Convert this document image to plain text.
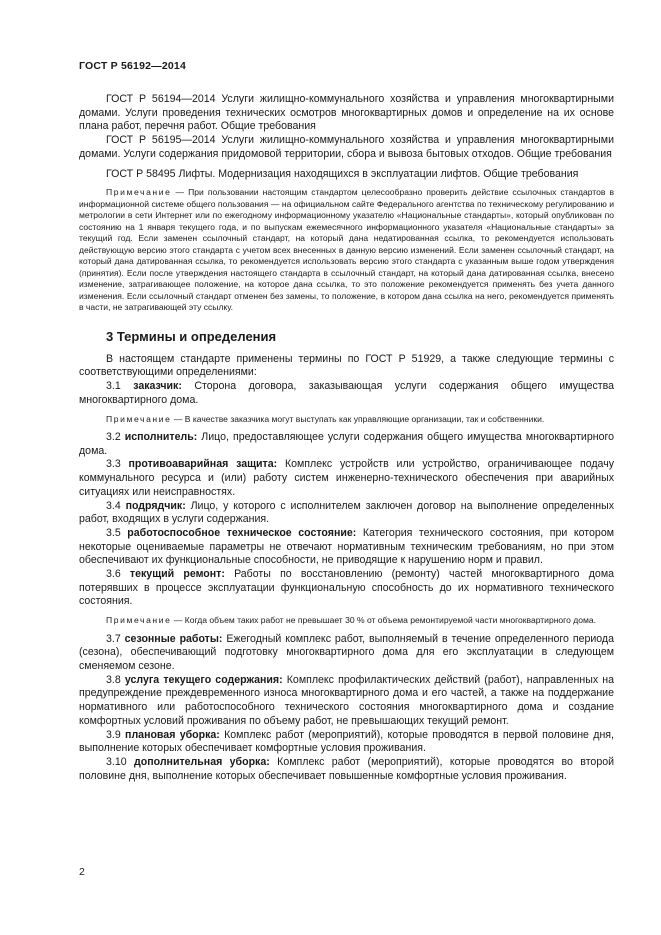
ГОСТ Р 56192—2014

ГОСТ Р 56194—2014 Услуги жилищно-коммунального хозяйства и управления многоквартирными домами. Услуги проведения технических осмотров многоквартирных домов и определение на их основе плана работ, перечня работ. Общие требования

ГОСТ Р 56195—2014 Услуги жилищно-коммунального хозяйства и управления многоквартирными домами. Услуги содержания придомовой территории, сбора и вывоза бытовых отходов. Общие требования

ГОСТ Р 58495 Лифты. Модернизация находящихся в эксплуатации лифтов. Общие требования

Примечание — При пользовании настоящим стандартом целесообразно проверить действие ссылочных стандартов в информационной системе общего пользования — на официальном сайте Федерального агентства по техническому регулированию и метрологии в сети Интернет или по ежегодному информационному указателю «Национальные стандарты», который опубликован по состоянию на 1 января текущего года, и по выпускам ежемесячного информационного указателя «Национальные стандарты» за текущий год. Если заменен ссылочный стандарт, на который дана недатированная ссылка, то рекомендуется использовать действующую версию этого стандарта с учетом всех внесенных в данную версию изменений. Если заменен ссылочный стандарт, на который дана датированная ссылка, то рекомендуется использовать версию этого стандарта с указанным выше годом утверждения (принятия). Если после утверждения настоящего стандарта в ссылочный стандарт, на который дана датированная ссылка, внесено изменение, затрагивающее положение, на которое дана ссылка, то это положение рекомендуется применять без учета данного изменения. Если ссылочный стандарт отменен без замены, то положение, в котором дана ссылка на него, рекомендуется применять в части, не затрагивающей эту ссылку.

3 Термины и определения

В настоящем стандарте применены термины по ГОСТ Р 51929, а также следующие термины с соответствующими определениями:

3.1 заказчик: Сторона договора, заказывающая услуги содержания общего имущества многоквартирного дома.

Примечание — В качестве заказчика могут выступать как управляющие организации, так и собственники.

3.2 исполнитель: Лицо, предоставляющее услуги содержания общего имущества многоквартирного дома.

3.3 противоаварийная защита: Комплекс устройств или устройство, ограничивающее подачу коммунального ресурса и (или) работу систем инженерно-технического обеспечения при аварийных ситуациях или неисправностях.

3.4 подрядчик: Лицо, у которого с исполнителем заключен договор на выполнение определенных работ, входящих в услуги содержания.

3.5 работоспособное техническое состояние: Категория технического состояния, при котором некоторые оцениваемые параметры не отвечают нормативным техническим требованиям, но при этом обеспечивают их функциональные способности, не приводящие к нарушению норм и правил.

3.6 текущий ремонт: Работы по восстановлению (ремонту) частей многоквартирного дома потерявших в процессе эксплуатации функциональную способность до их нормативного технического состояния.

Примечание — Когда объем таких работ не превышает 30 % от объема ремонтируемой части многоквартирного дома.

3.7 сезонные работы: Ежегодный комплекс работ, выполняемый в течение определенного периода (сезона), обеспечивающий подготовку многоквартирного дома для его эксплуатации в следующем сменяемом сезоне.

3.8 услуга текущего содержания: Комплекс профилактических действий (работ), направленных на предупреждение преждевременного износа многоквартирного дома и его частей, а также на поддержание нормативного или работоспособного технического состояния многоквартирного дома и создание комфортных условий проживания по объему работ, не превышающих текущий ремонт.

3.9 плановая уборка: Комплекс работ (мероприятий), которые проводятся в первой половине дня, выполнение которых обеспечивает комфортные условия проживания.

3.10 дополнительная уборка: Комплекс работ (мероприятий), которые проводятся во второй половине дня, выполнение которых обеспечивает повышенные комфортные условия проживания.

2
